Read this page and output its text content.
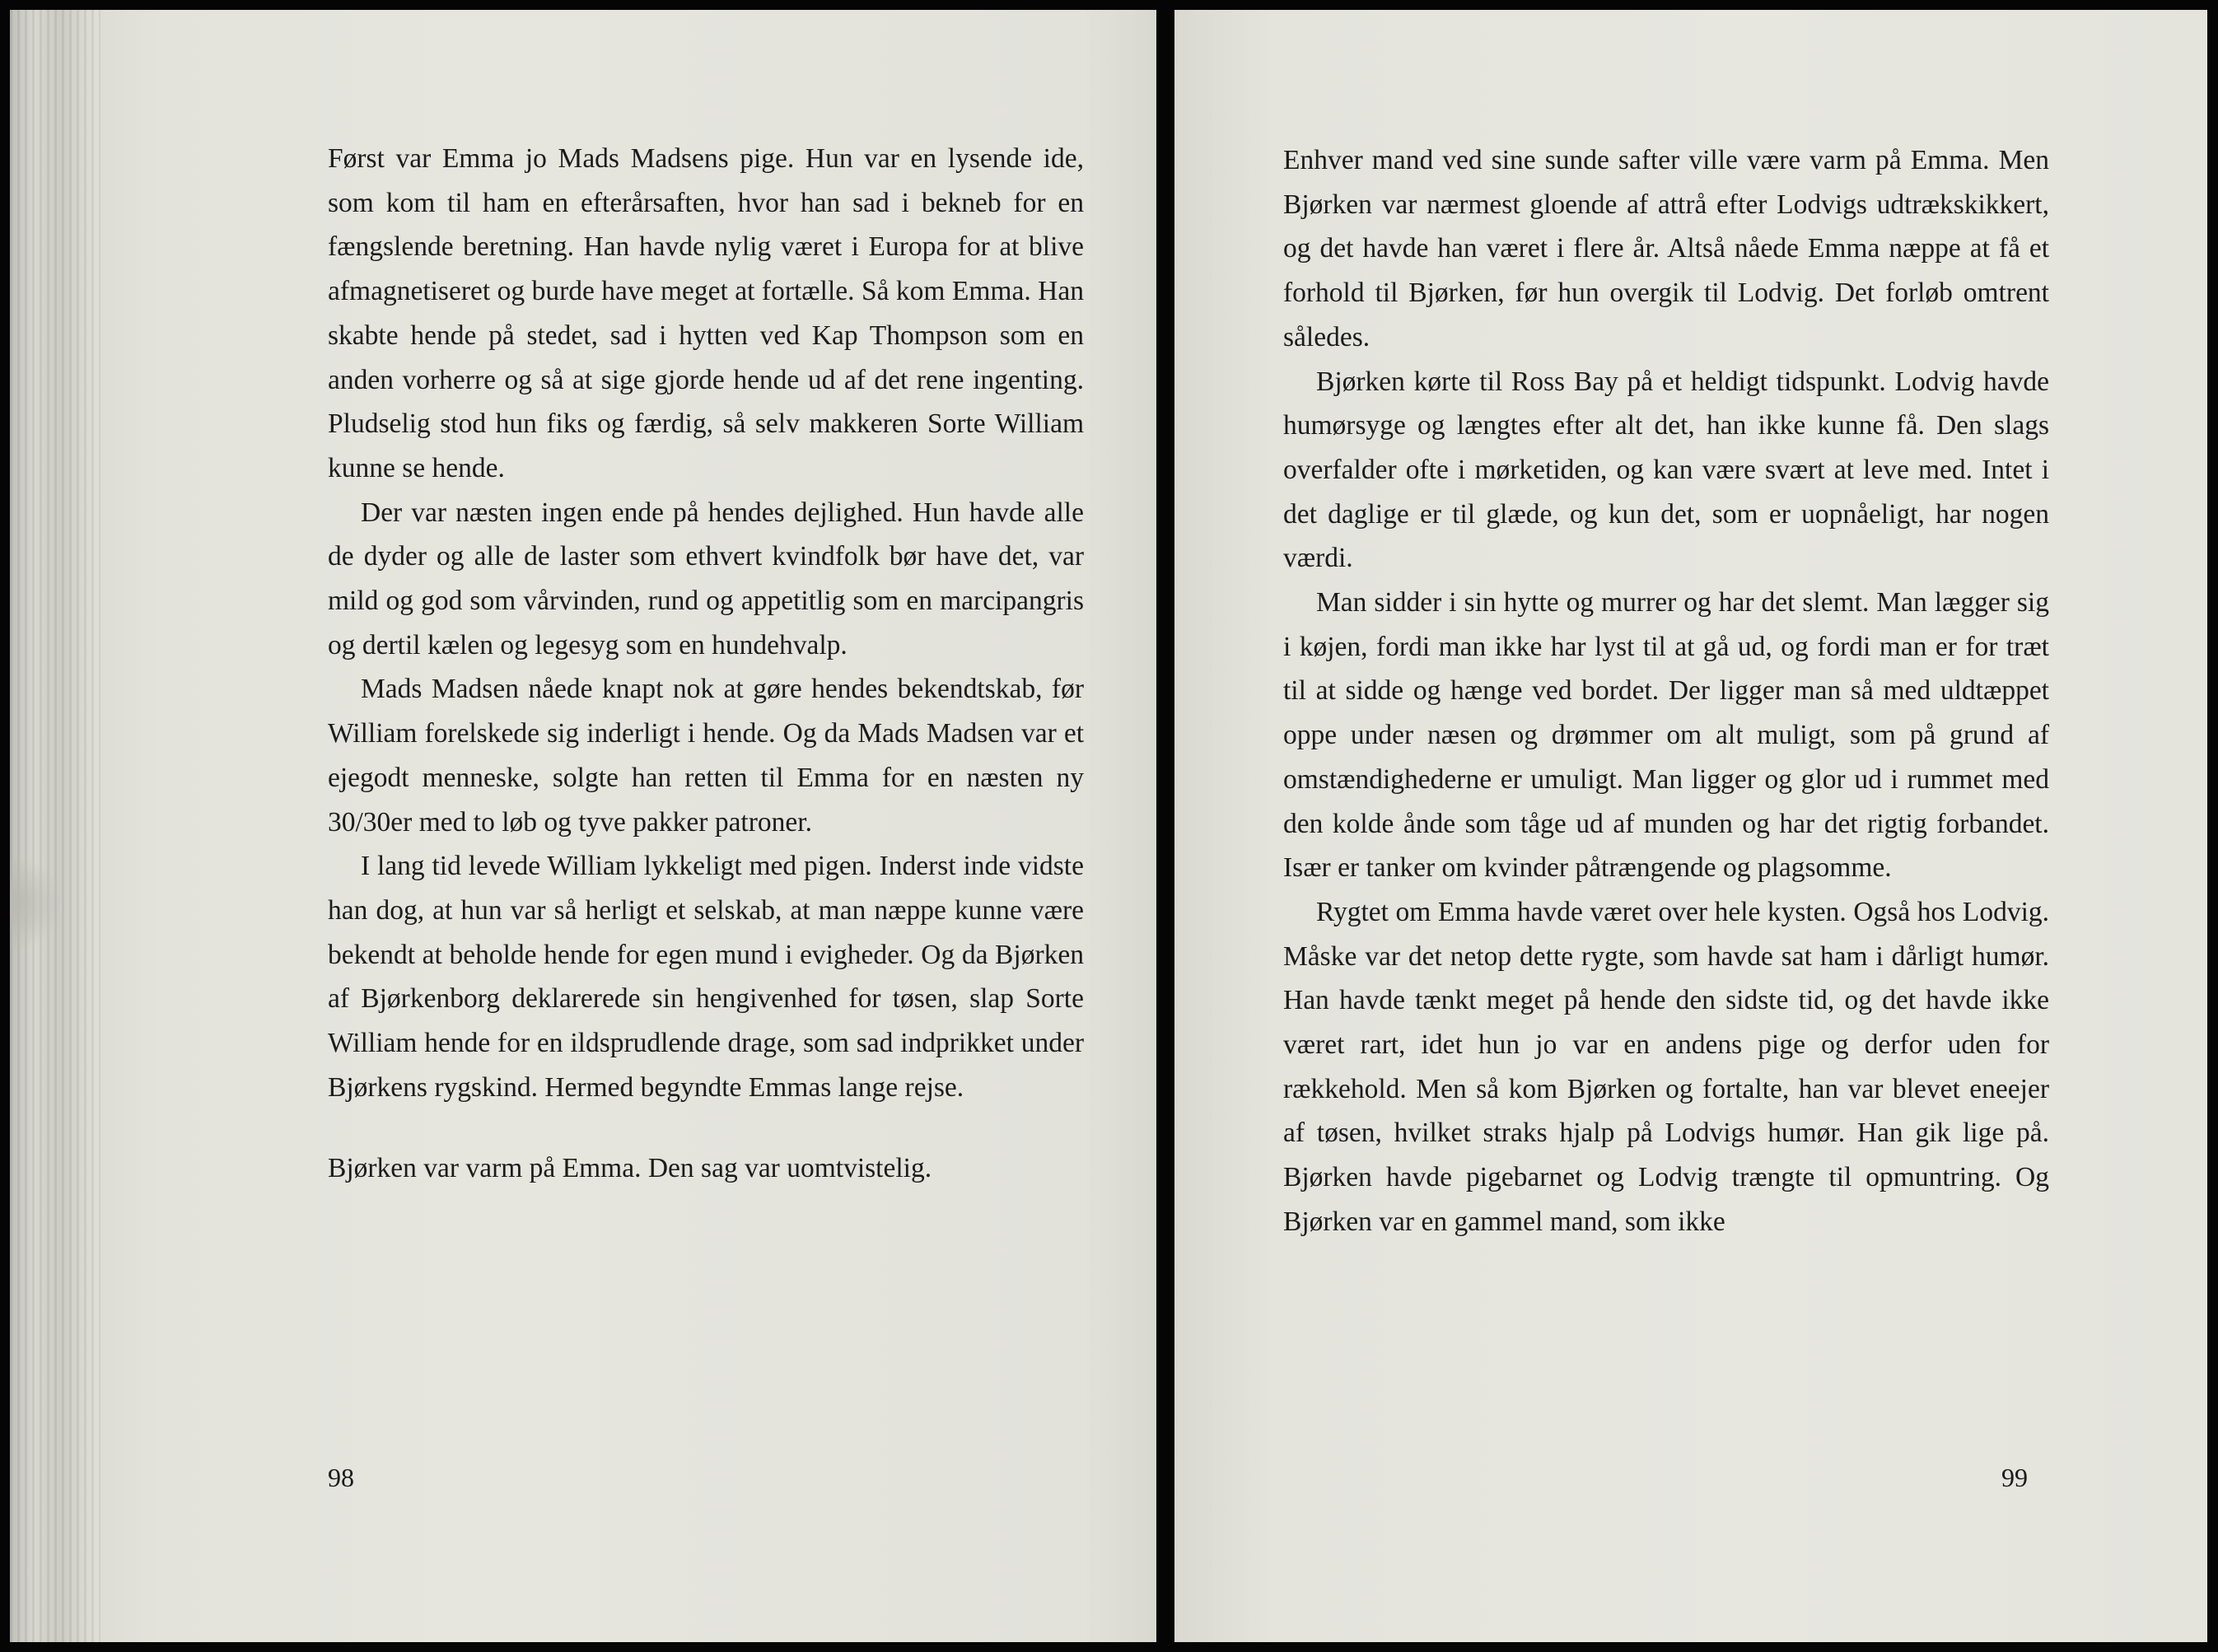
Først var Emma jo Mads Madsens pige. Hun var en lysende ide, som kom til ham en efterårsaften, hvor han sad i bekneb for en fængslende beretning. Han havde nylig været i Europa for at blive afmagnetiseret og burde have meget at fortælle. Så kom Emma. Han skabte hende på stedet, sad i hytten ved Kap Thompson som en anden vorherre og så at sige gjorde hende ud af det rene ingenting. Pludselig stod hun fiks og færdig, så selv makkeren Sorte William kunne se hende.

Der var næsten ingen ende på hendes dejlighed. Hun havde alle de dyder og alle de laster som ethvert kvindfolk bør have det, var mild og god som vårvinden, rund og appetitlig som en marcipangris og dertil kælen og legesyg som en hundehvalp.

Mads Madsen nåede knapt nok at gøre hendes bekendtskab, før William forelskede sig inderligt i hende. Og da Mads Madsen var et ejegodt menneske, solgte han retten til Emma for en næsten ny 30/30er med to løb og tyve pakker patroner.

I lang tid levede William lykkeligt med pigen. Inderst inde vidste han dog, at hun var så herligt et selskab, at man næppe kunne være bekendt at beholde hende for egen mund i evigheder. Og da Bjørken af Bjørkenborg deklarerede sin hengivenhed for tøsen, slap Sorte William hende for en ildsprudlende drage, som sad indprikket under Bjørkens rygskind. Hermed begyndte Emmas lange rejse.

Bjørken var varm på Emma. Den sag var uomtvistelig.

98

Enhver mand ved sine sunde safter ville være varm på Emma. Men Bjørken var nærmest gloende af attrå efter Lodvigs udtrækskikkert, og det havde han været i flere år. Altså nåede Emma næppe at få et forhold til Bjørken, før hun overgik til Lodvig. Det forløb omtrent således.

Bjørken kørte til Ross Bay på et heldigt tidspunkt. Lodvig havde humørsyge og længtes efter alt det, han ikke kunne få. Den slags overfalder ofte i mørketiden, og kan være svært at leve med. Intet i det daglige er til glæde, og kun det, som er uopnåeligt, har nogen værdi.

Man sidder i sin hytte og murrer og har det slemt. Man lægger sig i køjen, fordi man ikke har lyst til at gå ud, og fordi man er for træt til at sidde og hænge ved bordet. Der ligger man så med uldtæppet oppe under næsen og drømmer om alt muligt, som på grund af omstændighederne er umuligt. Man ligger og glor ud i rummet med den kolde ånde som tåge ud af munden og har det rigtig forbandet. Især er tanker om kvinder påtrængende og plagsomme.

Rygtet om Emma havde været over hele kysten. Også hos Lodvig. Måske var det netop dette rygte, som havde sat ham i dårligt humør. Han havde tænkt meget på hende den sidste tid, og det havde ikke været rart, idet hun jo var en andens pige og derfor uden for rækkehold. Men så kom Bjørken og fortalte, han var blevet eneejer af tøsen, hvilket straks hjalp på Lodvigs humør. Han gik lige på. Bjørken havde pigebarnet og Lodvig trængte til opmuntring. Og Bjørken var en gammel mand, som ikke

99
